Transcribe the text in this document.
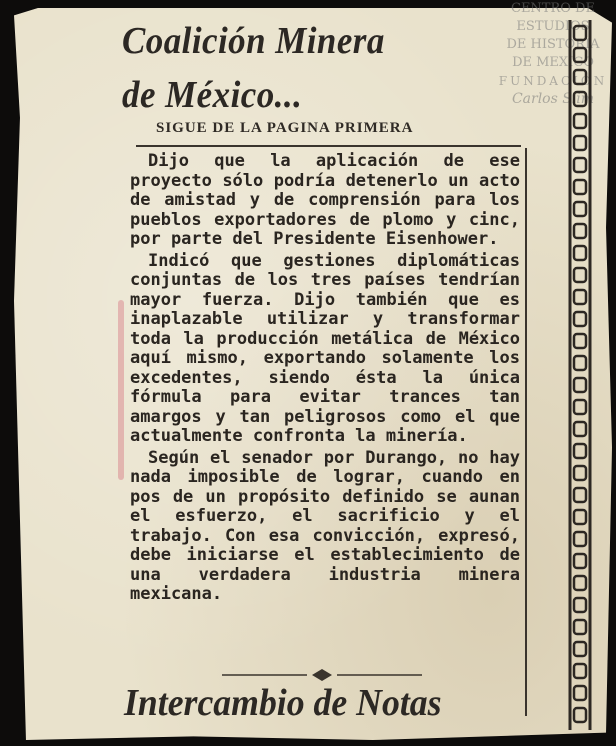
CENTRO DE
ESTUDIOS
DE HISTORIA
DE MEXICO
FUNDACION
Carlos Slim
Coalición Minera
de México...
SIGUE DE LA PAGINA PRIMERA

Dijo que la aplicación de ese proyecto sólo podría detenerlo un acto de amistad y de comprensión para los pueblos exportadores de plomo y cinc, por parte del Presidente Eisenhower.

Indicó que gestiones diplomáticas conjuntas de los tres países tendrían mayor fuerza. Dijo también que es inaplazable utilizar y transformar toda la producción metálica de México aquí mismo, exportando solamente los excedentes, siendo ésta la única fórmula para evitar trances tan amargos y tan peligrosos como el que actualmente confronta la minería.

Según el senador por Durango, no hay nada imposible de lograr, cuando en pos de un propósito definido se aunan el esfuerzo, el sacrificio y el trabajo. Con esa convicción, expresó, debe iniciarse el establecimiento de una verdadera industria minera mexicana.

Intercambio de Notas
